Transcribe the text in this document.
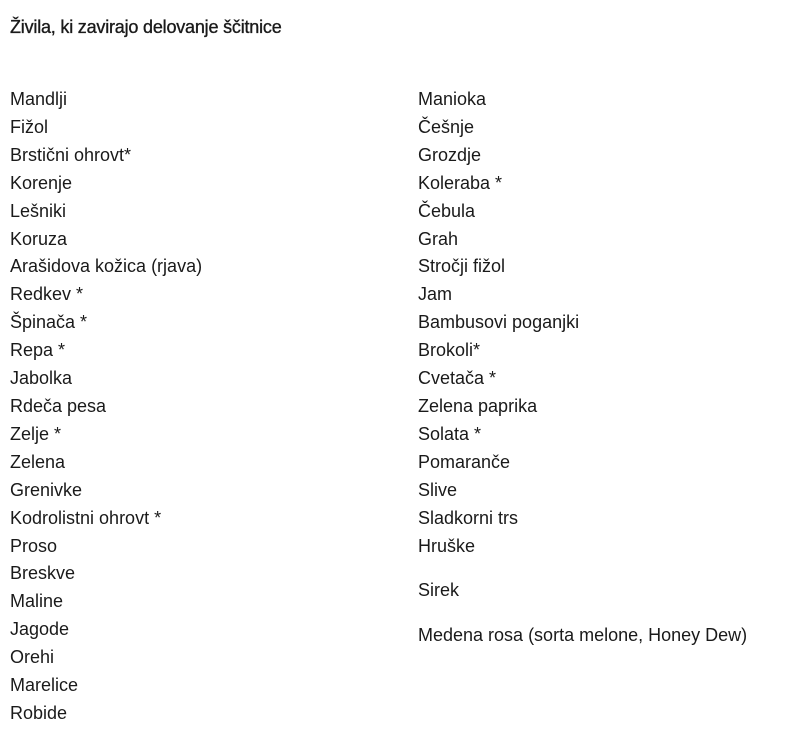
Živila, ki zavirajo delovanje ščitnice
Mandlji
Fižol
Brstični ohrovt*
Korenje
Lešniki
Koruza
Arašidova kožica (rjava)
Redkev *
Špinača *
Repa *
Jabolka
Rdeča pesa
Zelje *
Zelena
Grenivke
Kodrolistni ohrovt *
Proso
Breskve
Maline
Jagode
Orehi
Marelice
Robide
Manioka
Češnje
Grozdje
Koleraba *
Čebula
Grah
Stročji fižol
Jam
Bambusovi poganjki
Brokoli*
Cvetača *
Zelena paprika
Solata *
Pomaranče
Slive
Sladkorni trs
Hruške
Sirek
Medena rosa (sorta melone, Honey Dew)
